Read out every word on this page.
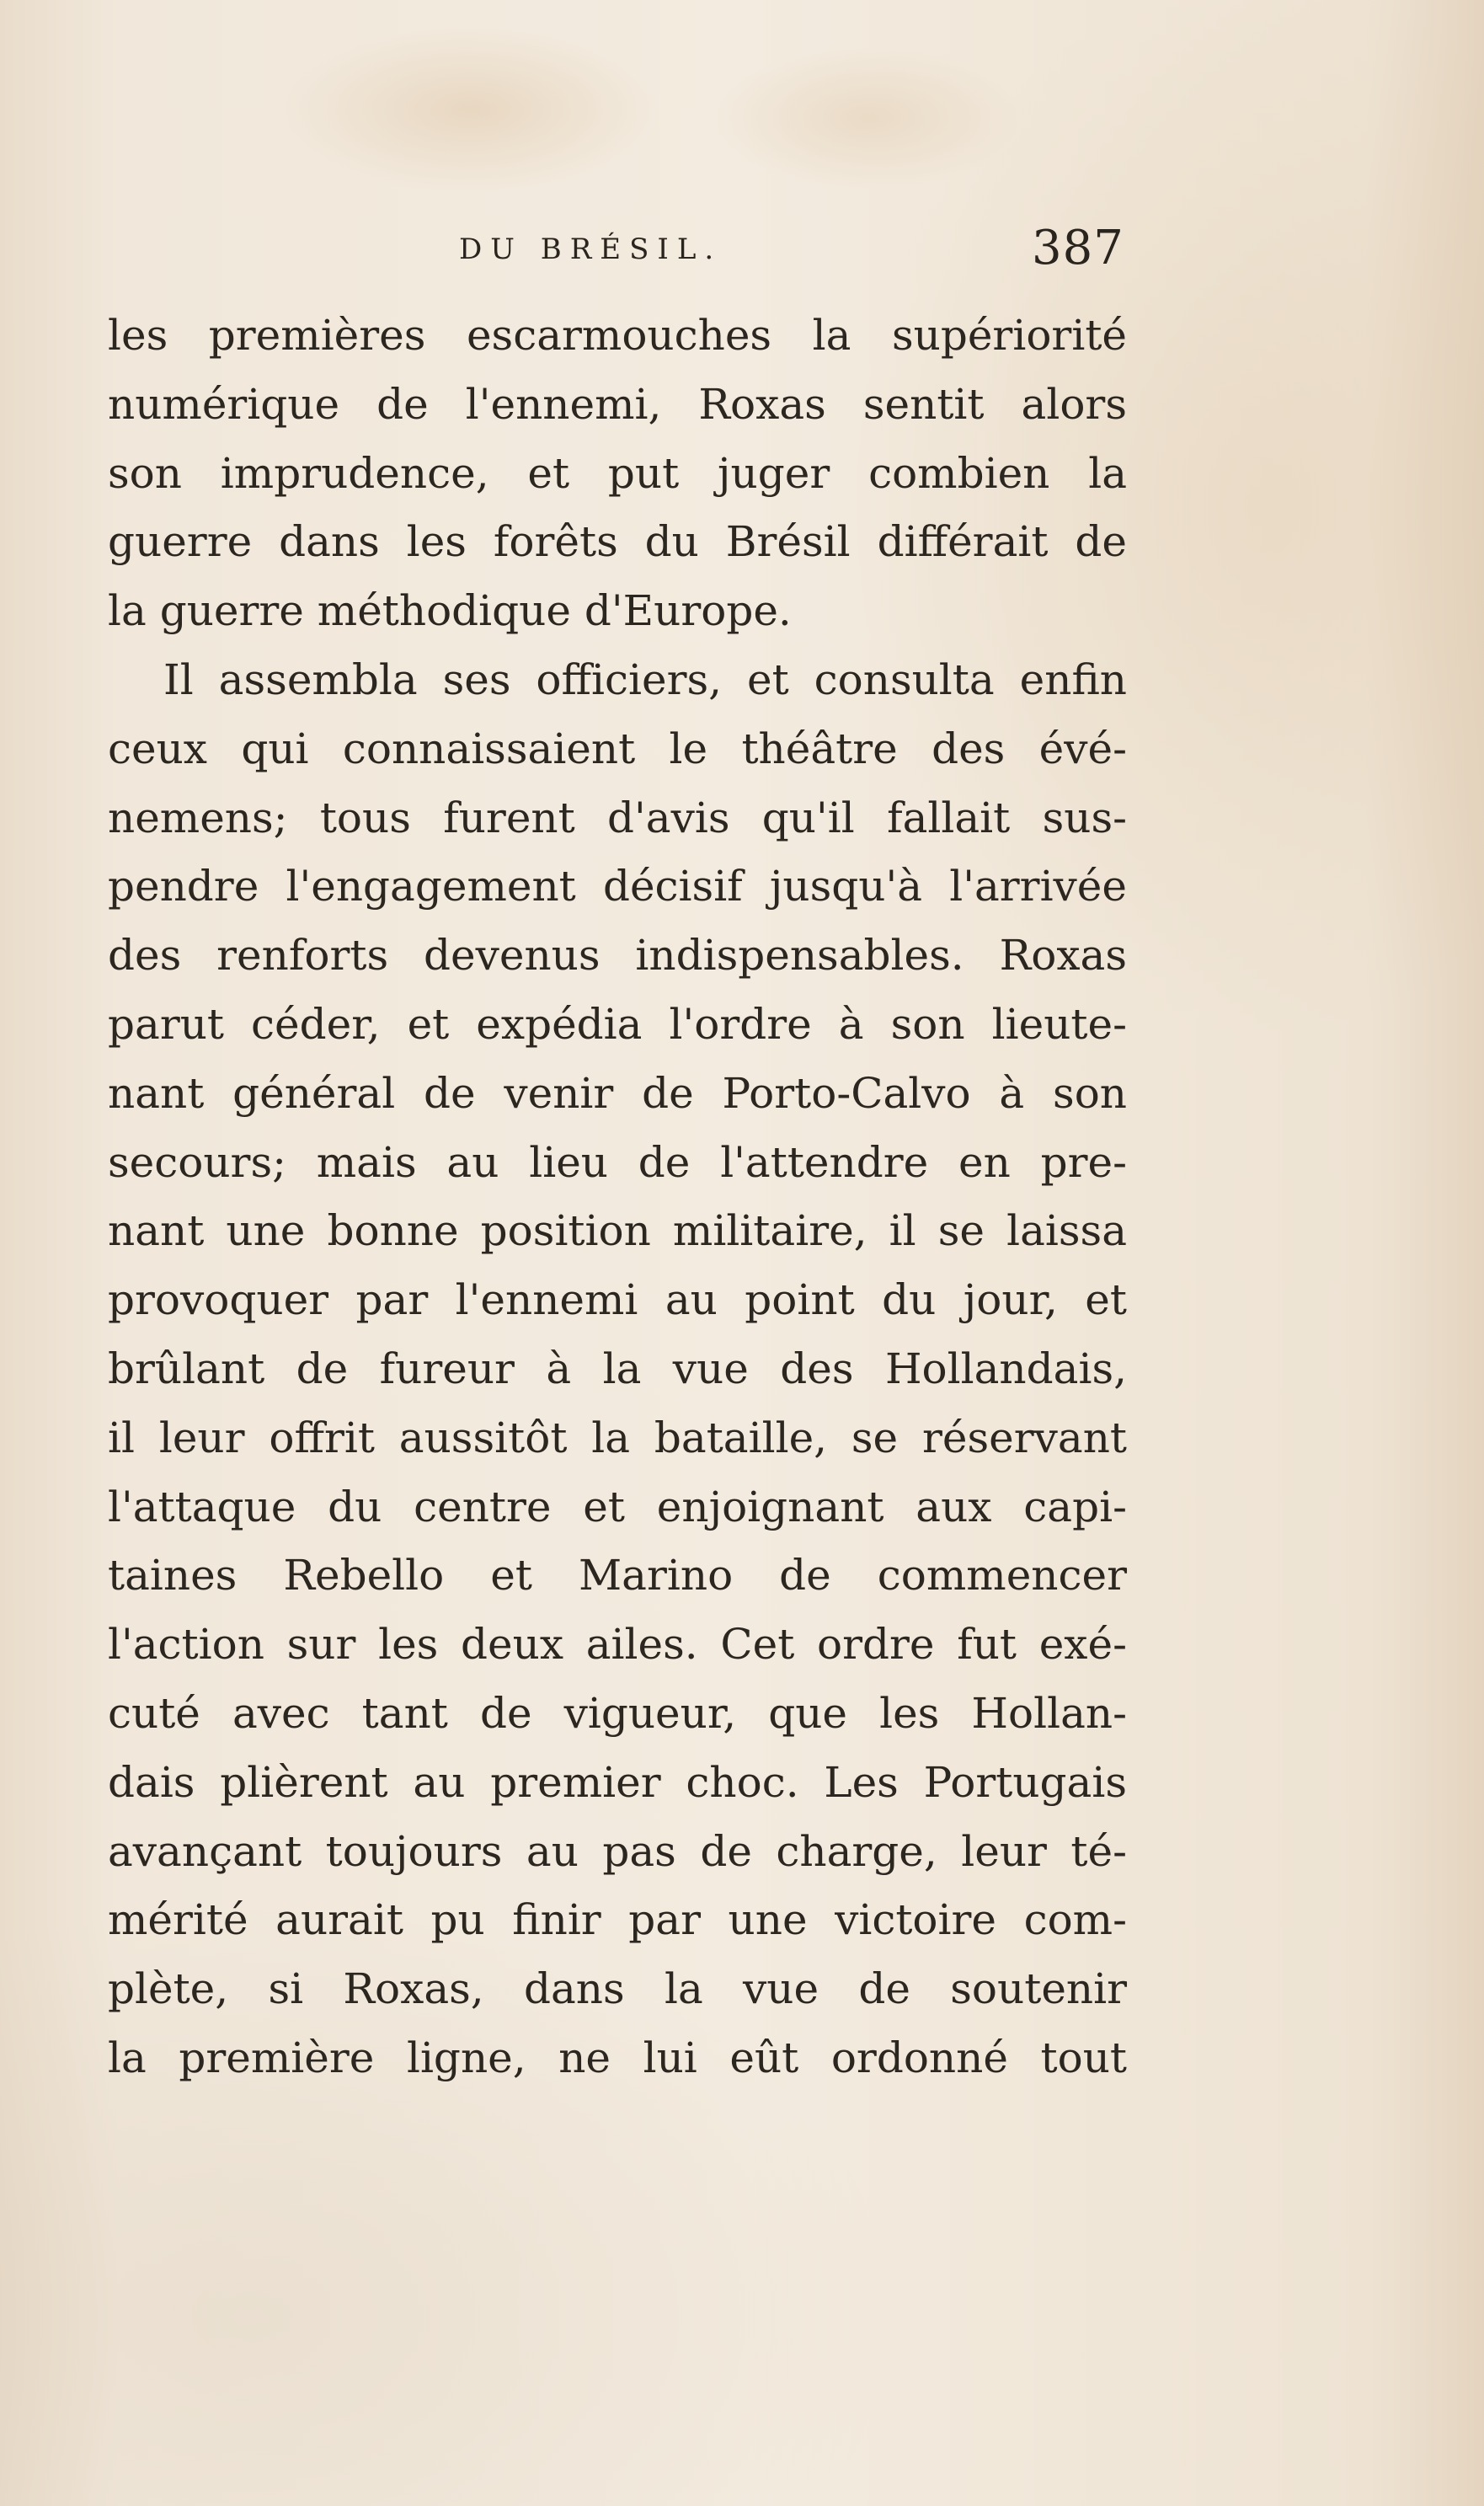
DU BRÉSIL.	387
les premières escarmouches la supériorité
numérique de l'ennemi, Roxas sentit alors
son imprudence, et put juger combien la
guerre dans les forêts du Brésil différait de
la guerre méthodique d'Europe.
Il assembla ses officiers, et consulta enfin
ceux qui connaissaient le théâtre des évé-
nemens; tous furent d'avis qu'il fallait sus-
pendre l'engagement décisif jusqu'à l'arrivée
des renforts devenus indispensables. Roxas
parut céder, et expédia l'ordre à son lieute-
nant général de venir de Porto-Calvo à son
secours; mais au lieu de l'attendre en pre-
nant une bonne position militaire, il se laissa
provoquer par l'ennemi au point du jour, et
brûlant de fureur à la vue des Hollandais,
il leur offrit aussitôt la bataille, se réservant
l'attaque du centre et enjoignant aux capi-
taines Rebello et Marino de commencer
l'action sur les deux ailes. Cet ordre fut exé-
cuté avec tant de vigueur, que les Hollan-
dais plièrent au premier choc. Les Portugais
avançant toujours au pas de charge, leur té-
mérité aurait pu finir par une victoire com-
plète, si Roxas, dans la vue de soutenir
la première ligne, ne lui eût ordonné tout
